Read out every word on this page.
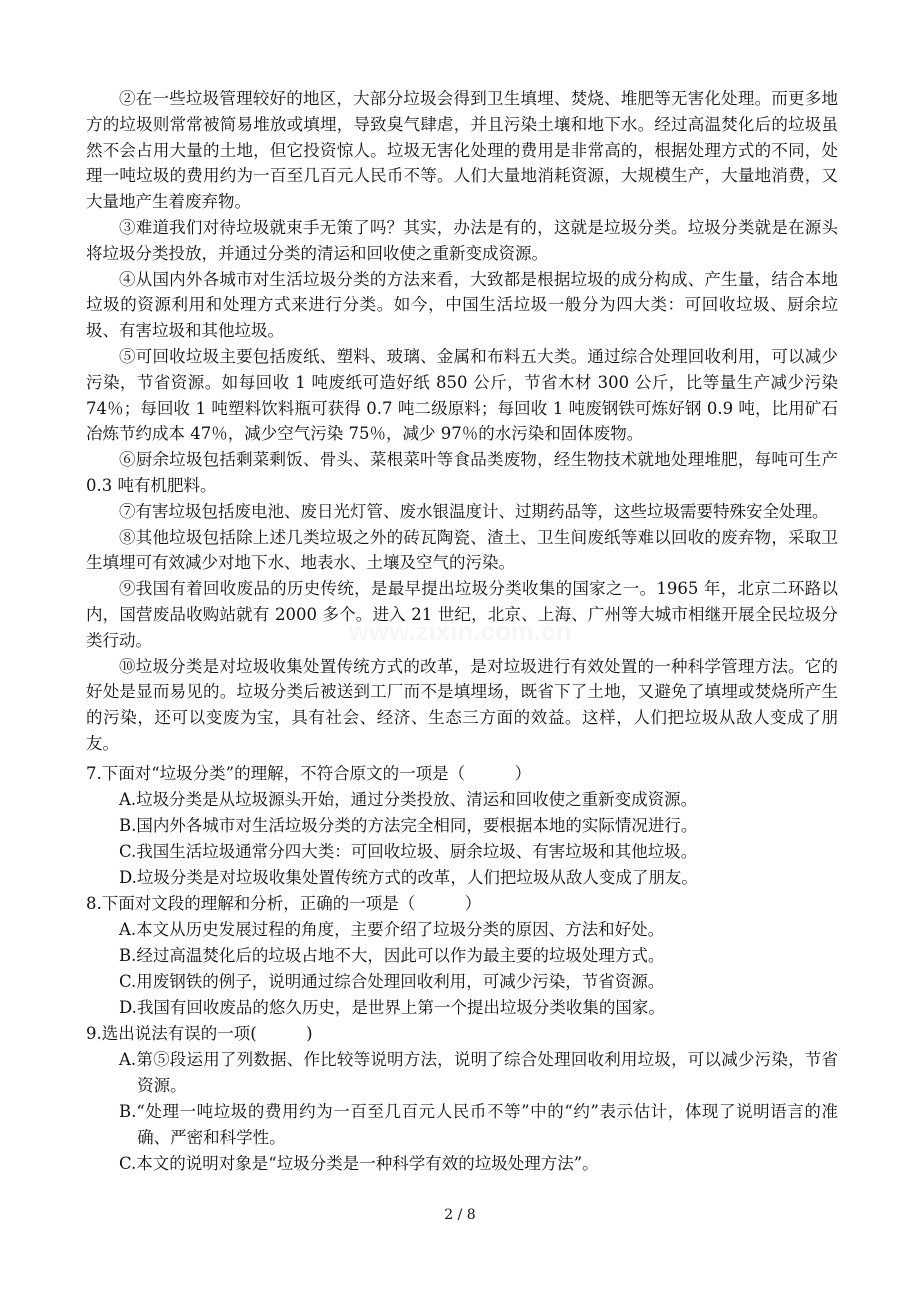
②在一些垃圾管理较好的地区，大部分垃圾会得到卫生填埋、焚烧、堆肥等无害化处理。而更多地方的垃圾则常常被简易堆放或填埋，导致臭气肆虐，并且污染土壤和地下水。经过高温焚化后的垃圾虽然不会占用大量的土地，但它投资惊人。垃圾无害化处理的费用是非常高的，根据处理方式的不同，处理一吨垃圾的费用约为一百至几百元人民币不等。人们大量地消耗资源，大规模生产，大量地消费，又大量地产生着废弃物。

③难道我们对待垃圾就束手无策了吗？其实，办法是有的，这就是垃圾分类。垃圾分类就是在源头将垃圾分类投放，并通过分类的清运和回收使之重新变成资源。

④从国内外各城市对生活垃圾分类的方法来看，大致都是根据垃圾的成分构成、产生量，结合本地垃圾的资源利用和处理方式来进行分类。如今，中国生活垃圾一般分为四大类：可回收垃圾、厨余垃圾、有害垃圾和其他垃圾。

⑤可回收垃圾主要包括废纸、塑料、玻璃、金属和布料五大类。通过综合处理回收利用，可以减少污染，节省资源。如每回收 1 吨废纸可造好纸 850 公斤，节省木材 300 公斤，比等量生产减少污染 74％；每回收 1 吨塑料饮料瓶可获得 0.7 吨二级原料；每回收 1 吨废钢铁可炼好钢 0.9 吨，比用矿石冶炼节约成本 47％，减少空气污染 75％，减少 97％的水污染和固体废物。

⑥厨余垃圾包括剩菜剩饭、骨头、菜根菜叶等食品类废物，经生物技术就地处理堆肥，每吨可生产 0.3 吨有机肥料。

⑦有害垃圾包括废电池、废日光灯管、废水银温度计、过期药品等，这些垃圾需要特殊安全处理。

⑧其他垃圾包括除上述几类垃圾之外的砖瓦陶瓷、渣土、卫生间废纸等难以回收的废弃物，采取卫生填埋可有效减少对地下水、地表水、土壤及空气的污染。

⑨我国有着回收废品的历史传统，是最早提出垃圾分类收集的国家之一。1965 年，北京二环路以内，国营废品收购站就有 2000 多个。进入 21 世纪，北京、上海、广州等大城市相继开展全民垃圾分类行动。

⑩垃圾分类是对垃圾收集处置传统方式的改革，是对垃圾进行有效处置的一种科学管理方法。它的好处是显而易见的。垃圾分类后被送到工厂而不是填埋场，既省下了土地，又避免了填埋或焚烧所产生的污染，还可以变废为宝，具有社会、经济、生态三方面的效益。这样，人们把垃圾从敌人变成了朋友。

7.下面对“垃圾分类”的理解，不符合原文的一项是（　　　）

A.垃圾分类是从垃圾源头开始，通过分类投放、清运和回收使之重新变成资源。

B.国内外各城市对生活垃圾分类的方法完全相同，要根据本地的实际情况进行。

C.我国生活垃圾通常分四大类：可回收垃圾、厨余垃圾、有害垃圾和其他垃圾。

D.垃圾分类是对垃圾收集处置传统方式的改革，人们把垃圾从敌人变成了朋友。

8.下面对文段的理解和分析，正确的一项是（　　　）

A.本文从历史发展过程的角度，主要介绍了垃圾分类的原因、方法和好处。

B.经过高温焚化后的垃圾占地不大，因此可以作为最主要的垃圾处理方式。

C.用废钢铁的例子，说明通过综合处理回收利用，可减少污染，节省资源。

D.我国有回收废品的悠久历史，是世界上第一个提出垃圾分类收集的国家。

9.选出说法有误的一项(　　　)

A.第⑤段运用了列数据、作比较等说明方法，说明了综合处理回收利用垃圾，可以减少污染，节省资源。

B.“处理一吨垃圾的费用约为一百至几百元人民币不等”中的“约”表示估计，体现了说明语言的准确、严密和科学性。

C.本文的说明对象是“垃圾分类是一种科学有效的垃圾处理方法”。

www.zixin.com.cn
2 / 8
